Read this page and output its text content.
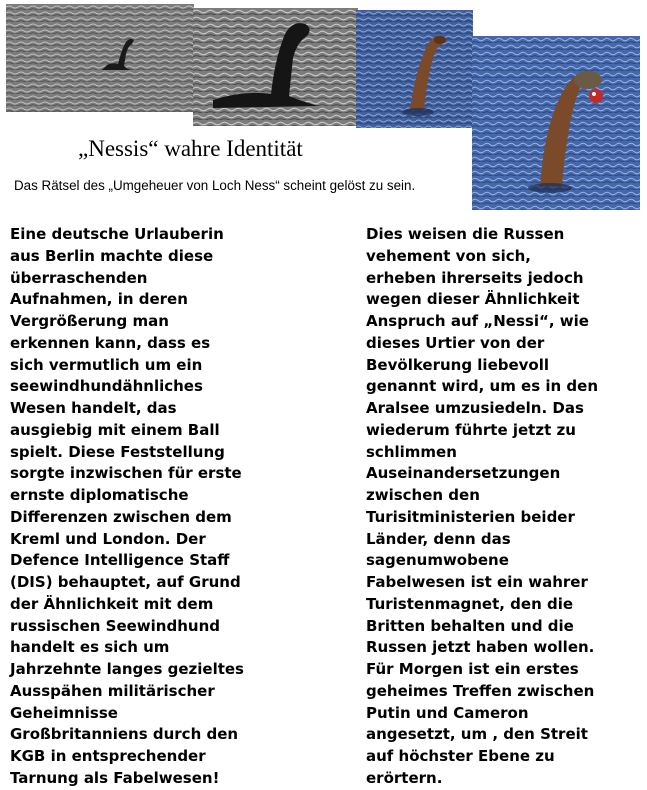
„Nessis“ wahre Identität
Das Rätsel des „Umgeheuer von Loch Ness“ scheint gelöst zu sein.
Eine deutsche Urlauberin
aus Berlin machte diese
überraschenden
Aufnahmen, in deren
Vergrößerung man
erkennen kann, dass es
sich vermutlich um ein
seewindhundähnliches
Wesen handelt, das
ausgiebig mit einem Ball
spielt. Diese Feststellung
sorgte inzwischen für erste
ernste diplomatische
Differenzen zwischen dem
Kreml und London. Der
Defence Intelligence Staff
(DIS) behauptet, auf Grund
der Ähnlichkeit mit dem
russischen Seewindhund
handelt es sich um
Jahrzehnte langes gezieltes
Ausspähen militärischer
Geheimnisse
Großbritanniens durch den
KGB in entsprechender
Tarnung als Fabelwesen!
Dies weisen die Russen
vehement von sich,
erheben ihrerseits jedoch
wegen dieser Ähnlichkeit
Anspruch auf „Nessi“, wie
dieses Urtier von der
Bevölkerung liebevoll
genannt wird, um es in den
Aralsee umzusiedeln. Das
wiederum führte jetzt zu
schlimmen
Auseinandersetzungen
zwischen den
Turisitministerien beider
Länder, denn das
sagenumwobene
Fabelwesen ist ein wahrer
Turistenmagnet, den die
Britten behalten und die
Russen jetzt haben wollen.
Für Morgen ist ein erstes
geheimes Treffen zwischen
Putin und Cameron
angesetzt, um , den Streit
auf höchster Ebene zu
erörtern.
